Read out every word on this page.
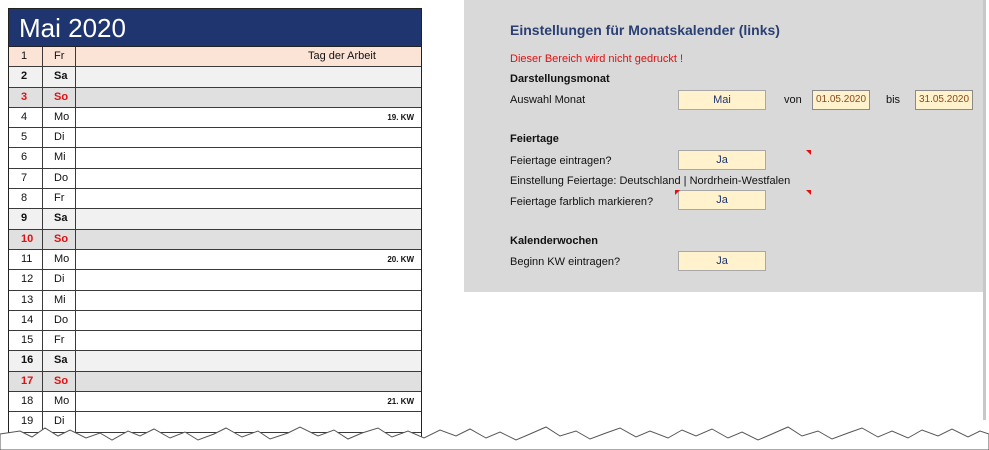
Mai 2020
1	Fr	Tag der Arbeit
2	Sa
3	So
4	Mo	19. KW
5	Di
6	Mi
7	Do
8	Fr
9	Sa
10	So
11	Mo	20. KW
12	Di
13	Mi
14	Do
15	Fr
16	Sa
17	So
18	Mo	21. KW
19	Di
Einstellungen für Monatskalender (links)
Dieser Bereich wird nicht gedruckt !
Darstellungsmonat
Auswahl Monat	Mai	von	01.05.2020	bis	31.05.2020
Feiertage
Feiertage eintragen?	Ja
Einstellung Feiertage: Deutschland | Nordrhein-Westfalen
Feiertage farblich markieren?	Ja
Kalenderwochen
Beginn KW eintragen?	Ja
